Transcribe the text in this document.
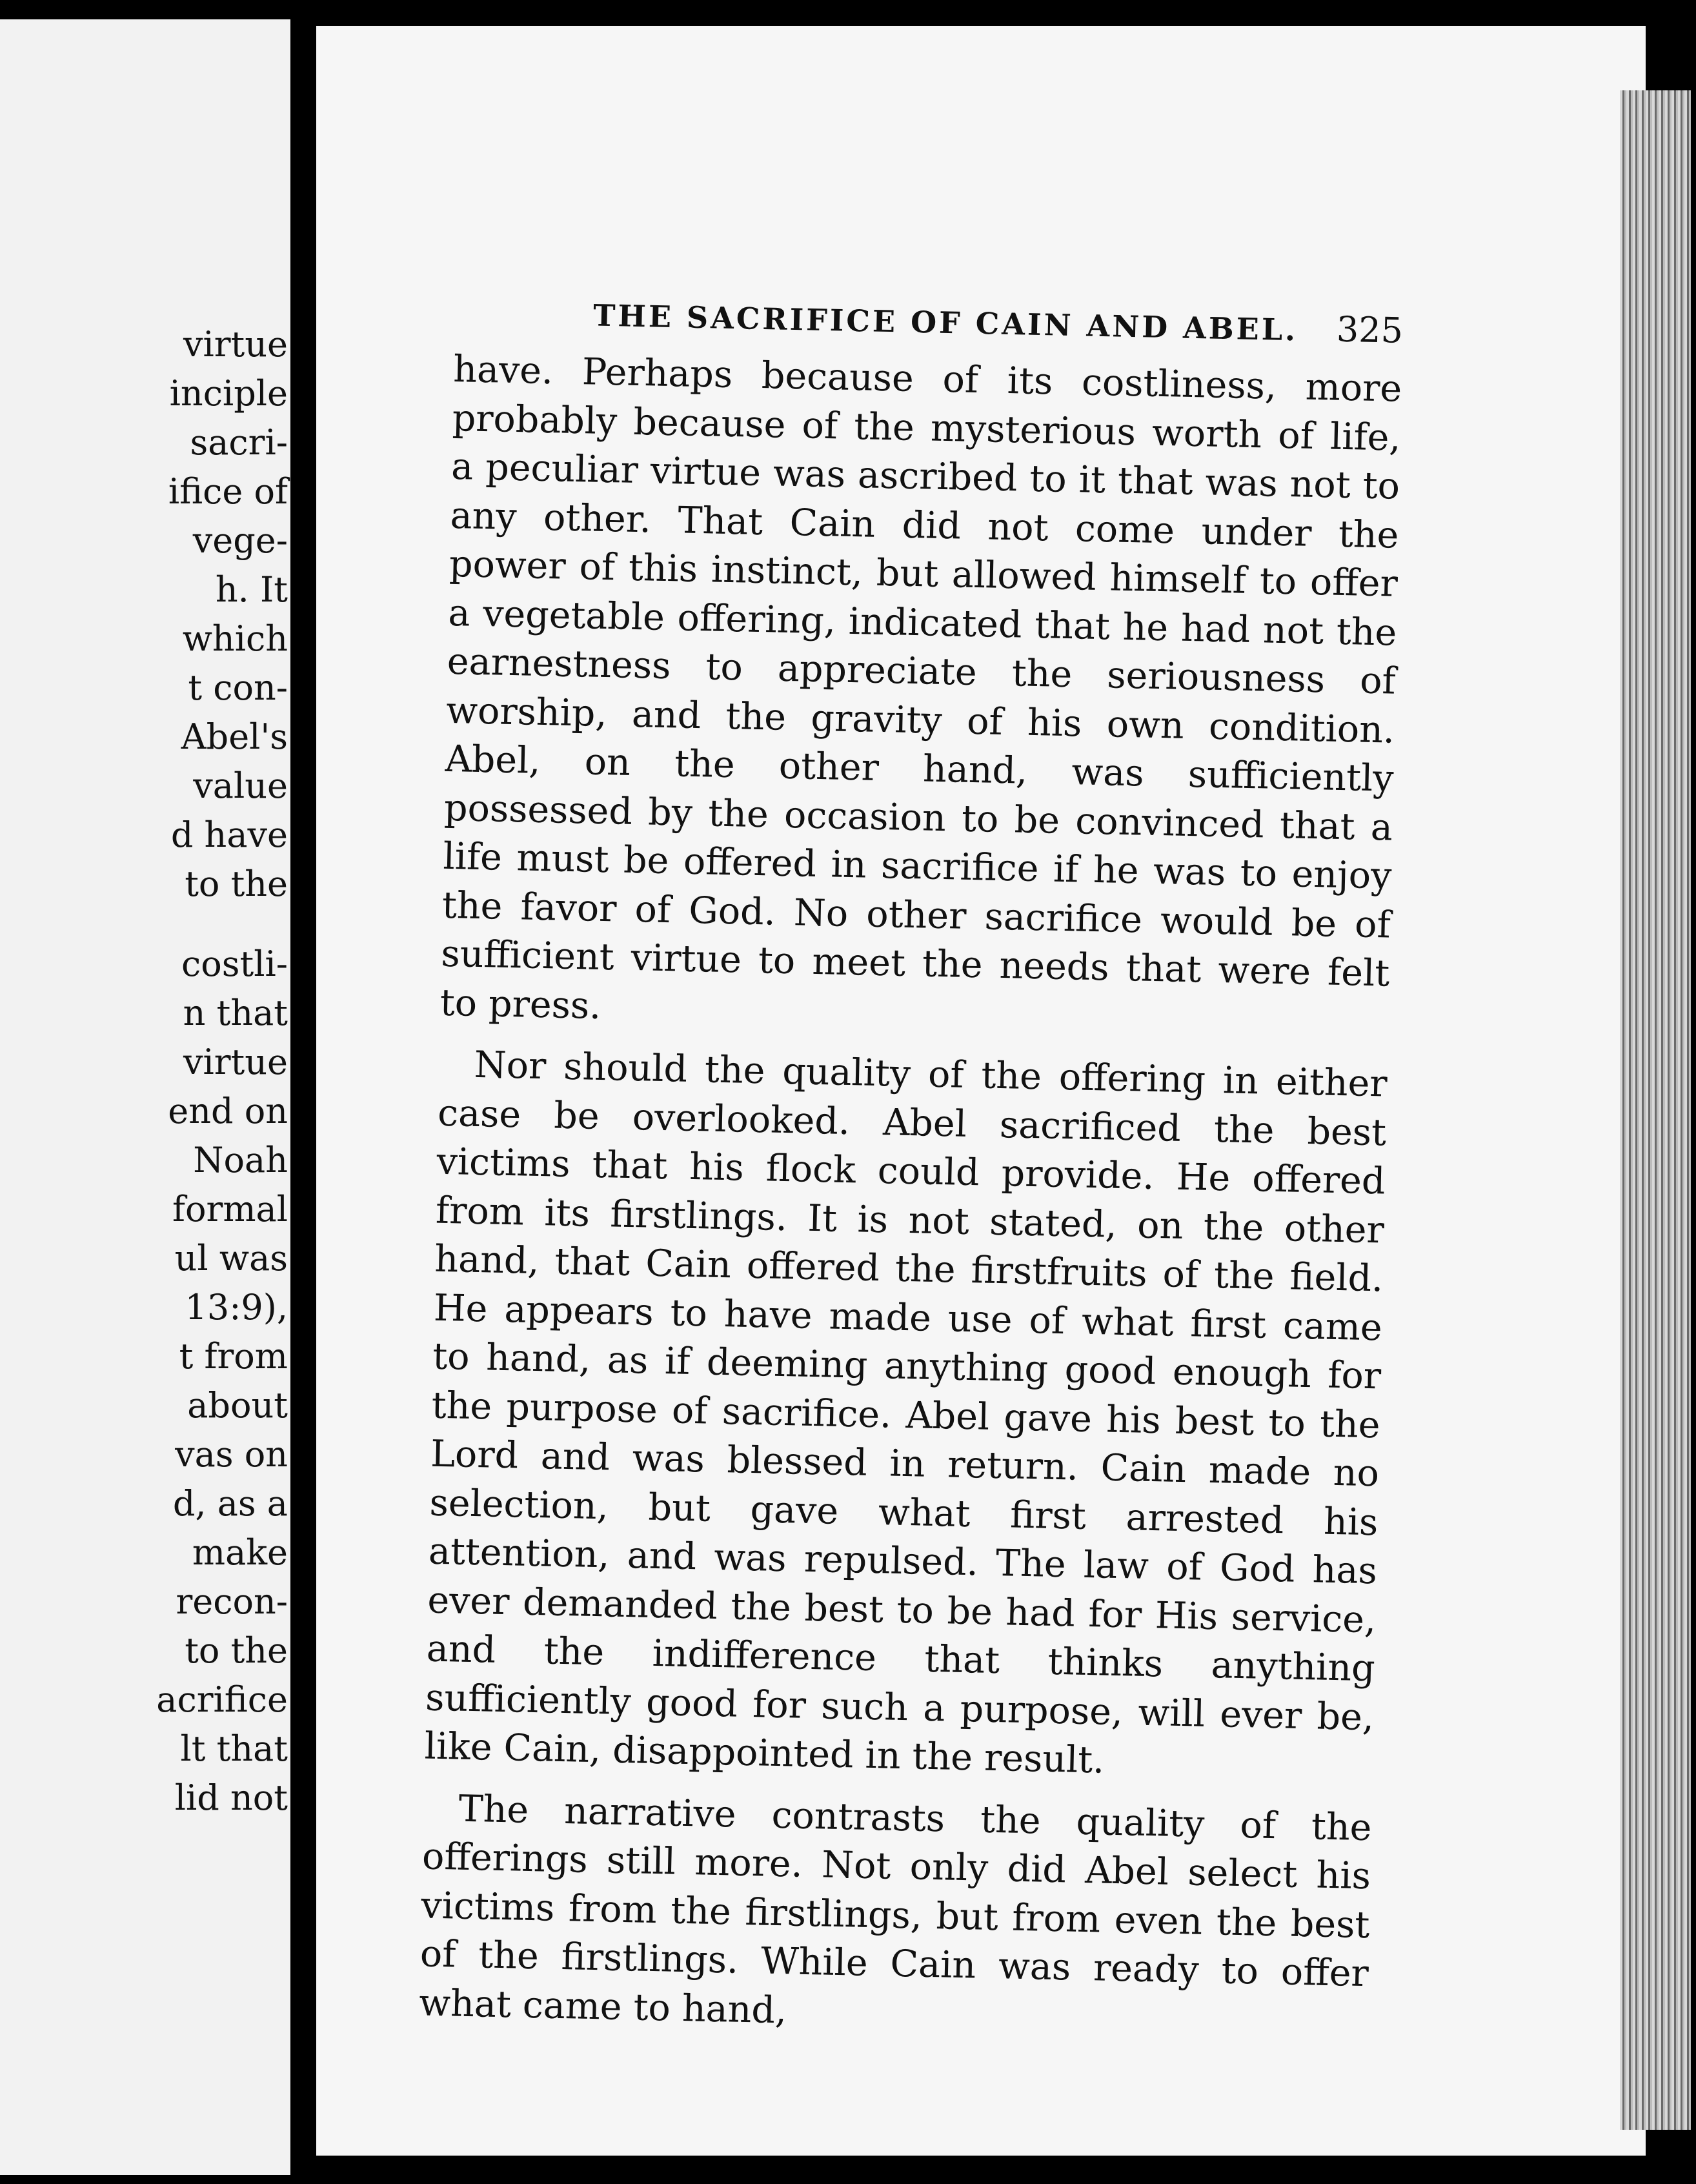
virtue
inciple
sacri-
ifice of
vege-
h. It
which
t con-
Abel's
value
d have
to the
costli-
n that
virtue
end on
Noah
formal
ul was
13:9),
t from
about
vas on
d, as a
make
recon-
to the
acrifice
lt that
lid not
THE SACRIFICE OF CAIN AND ABEL. 325

have. Perhaps because of its costliness, more probably because of the mysterious worth of life, a peculiar virtue was ascribed to it that was not to any other. That Cain did not come under the power of this instinct, but allowed himself to offer a vegetable offering, indicated that he had not the earnestness to appreciate the seriousness of worship, and the gravity of his own condition. Abel, on the other hand, was sufficiently possessed by the occasion to be convinced that a life must be offered in sacrifice if he was to enjoy the favor of God. No other sacrifice would be of sufficient virtue to meet the needs that were felt to press.

Nor should the quality of the offering in either case be overlooked. Abel sacrificed the best victims that his flock could provide. He offered from its firstlings. It is not stated, on the other hand, that Cain offered the firstfruits of the field. He appears to have made use of what first came to hand, as if deeming anything good enough for the purpose of sacrifice. Abel gave his best to the Lord and was blessed in return. Cain made no selection, but gave what first arrested his attention, and was repulsed. The law of God has ever demanded the best to be had for His service, and the indifference that thinks anything sufficiently good for such a purpose, will ever be, like Cain, disappointed in the result.

The narrative contrasts the quality of the offerings still more. Not only did Abel select his victims from the firstlings, but from even the best of the firstlings. While Cain was ready to offer what came to hand,
